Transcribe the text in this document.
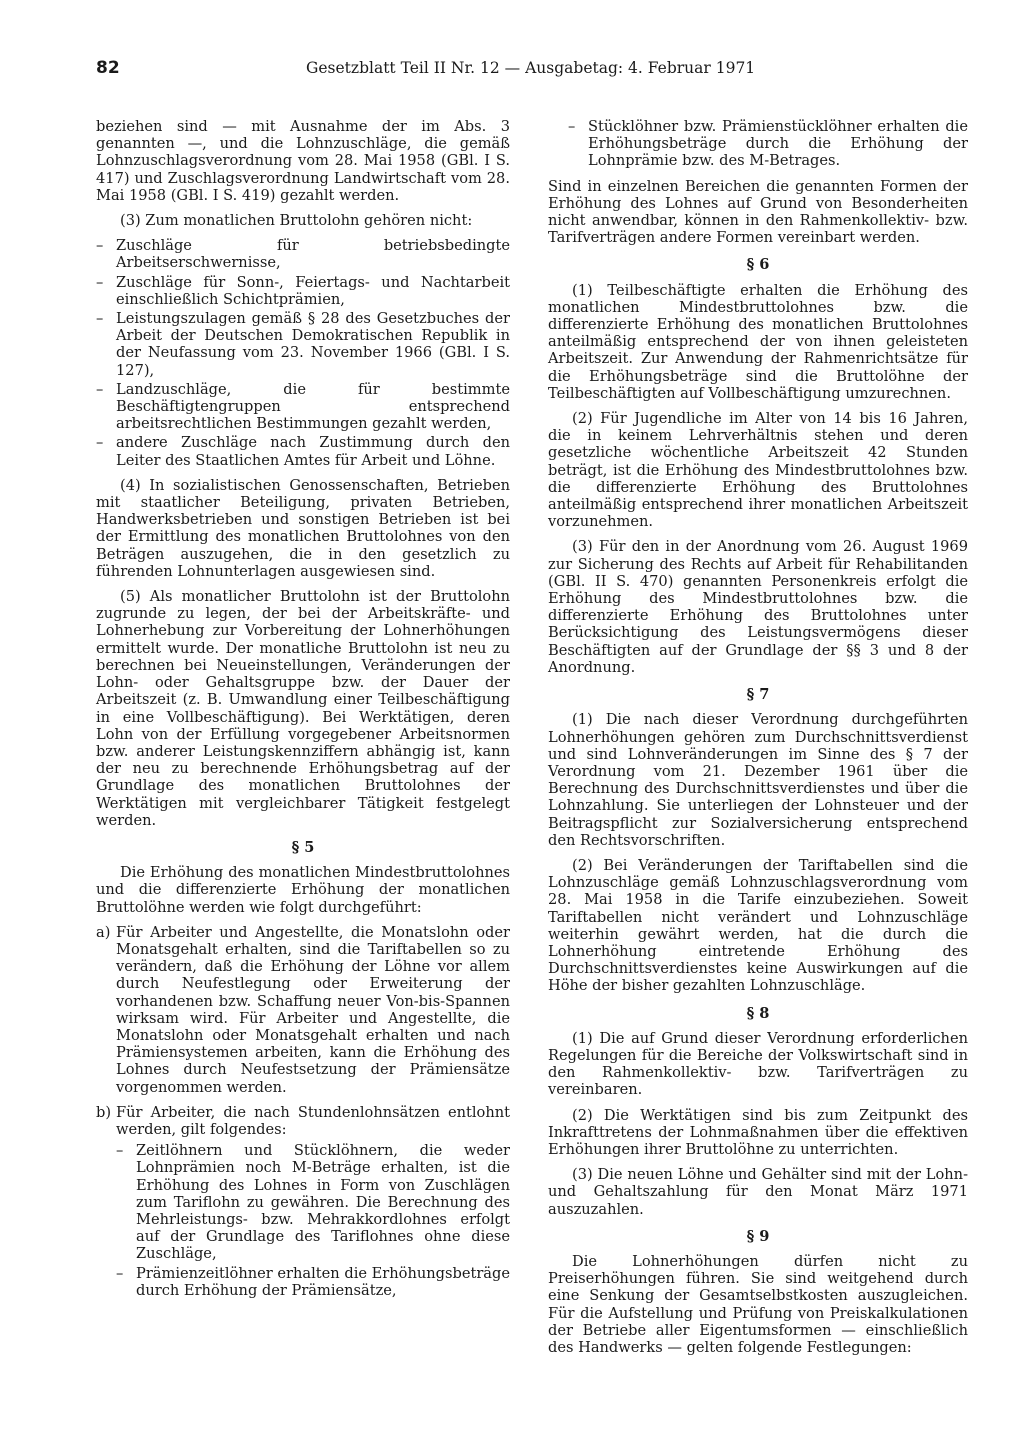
82	Gesetzblatt Teil II Nr. 12 — Ausgabetag: 4. Februar 1971

beziehen sind — mit Ausnahme der im Abs. 3 genannten —, und die Lohnzuschläge, die gemäß Lohnzuschlagsverordnung vom 28. Mai 1958 (GBl. I S. 417) und Zuschlagsverordnung Landwirtschaft vom 28. Mai 1958 (GBl. I S. 419) gezahlt werden.

(3) Zum monatlichen Bruttolohn gehören nicht:

– Zuschläge für betriebsbedingte Arbeitserschwernisse,
– Zuschläge für Sonn-, Feiertags- und Nachtarbeit einschließlich Schichtprämien,
– Leistungszulagen gemäß § 28 des Gesetzbuches der Arbeit der Deutschen Demokratischen Republik in der Neufassung vom 23. November 1966 (GBl. I S. 127),
– Landzuschläge, die für bestimmte Beschäftigtengruppen entsprechend arbeitsrechtlichen Bestimmungen gezahlt werden,
– andere Zuschläge nach Zustimmung durch den Leiter des Staatlichen Amtes für Arbeit und Löhne.

(4) In sozialistischen Genossenschaften, Betrieben mit staatlicher Beteiligung, privaten Betrieben, Handwerksbetrieben und sonstigen Betrieben ist bei der Ermittlung des monatlichen Bruttolohnes von den Beträgen auszugehen, die in den gesetzlich zu führenden Lohnunterlagen ausgewiesen sind.

(5) Als monatlicher Bruttolohn ist der Bruttolohn zugrunde zu legen, der bei der Arbeitskräfte- und Lohnerhebung zur Vorbereitung der Lohnerhöhungen ermittelt wurde. Der monatliche Bruttolohn ist neu zu berechnen bei Neueinstellungen, Veränderungen der Lohn- oder Gehaltsgruppe bzw. der Dauer der Arbeitszeit (z. B. Umwandlung einer Teilbeschäftigung in eine Vollbeschäftigung). Bei Werktätigen, deren Lohn von der Erfüllung vorgegebener Arbeitsnormen bzw. anderer Leistungskennziffern abhängig ist, kann der neu zu berechnende Erhöhungsbetrag auf der Grundlage des monatlichen Bruttolohnes der Werktätigen mit vergleichbarer Tätigkeit festgelegt werden.

§ 5

Die Erhöhung des monatlichen Mindestbruttolohnes und die differenzierte Erhöhung der monatlichen Bruttolöhne werden wie folgt durchgeführt:

a) Für Arbeiter und Angestellte, die Monatslohn oder Monatsgehalt erhalten, sind die Tariftabellen so zu verändern, daß die Erhöhung der Löhne vor allem durch Neufestlegung oder Erweiterung der vorhandenen bzw. Schaffung neuer Von-bis-Spannen wirksam wird. Für Arbeiter und Angestellte, die Monatslohn oder Monatsgehalt erhalten und nach Prämiensystemen arbeiten, kann die Erhöhung des Lohnes durch Neufestsetzung der Prämiensätze vorgenommen werden.
b) Für Arbeiter, die nach Stundenlohnsätzen entlohnt werden, gilt folgendes:
– Zeitlöhnern und Stücklöhnern, die weder Lohnprämien noch M-Beträge erhalten, ist die Erhöhung des Lohnes in Form von Zuschlägen zum Tariflohn zu gewähren. Die Berechnung des Mehrleistungs- bzw. Mehrakkordlohnes erfolgt auf der Grundlage des Tariflohnes ohne diese Zuschläge,
– Prämienzeitlöhner erhalten die Erhöhungsbeträge durch Erhöhung der Prämiensätze,
– Stücklöhner bzw. Prämienstücklöhner erhalten die Erhöhungsbeträge durch die Erhöhung der Lohnprämie bzw. des M-Betrages.

Sind in einzelnen Bereichen die genannten Formen der Erhöhung des Lohnes auf Grund von Besonderheiten nicht anwendbar, können in den Rahmenkollektiv- bzw. Tarifverträgen andere Formen vereinbart werden.

§ 6

(1) Teilbeschäftigte erhalten die Erhöhung des monatlichen Mindestbruttolohnes bzw. die differenzierte Erhöhung des monatlichen Bruttolohnes anteilmäßig entsprechend der von ihnen geleisteten Arbeitszeit. Zur Anwendung der Rahmenrichtsätze für die Erhöhungsbeträge sind die Bruttolöhne der Teilbeschäftigten auf Vollbeschäftigung umzurechnen.

(2) Für Jugendliche im Alter von 14 bis 16 Jahren, die in keinem Lehrverhältnis stehen und deren gesetzliche wöchentliche Arbeitszeit 42 Stunden beträgt, ist die Erhöhung des Mindestbruttolohnes bzw. die differenzierte Erhöhung des Bruttolohnes anteilmäßig entsprechend ihrer monatlichen Arbeitszeit vorzunehmen.

(3) Für den in der Anordnung vom 26. August 1969 zur Sicherung des Rechts auf Arbeit für Rehabilitanden (GBl. II S. 470) genannten Personenkreis erfolgt die Erhöhung des Mindestbruttolohnes bzw. die differenzierte Erhöhung des Bruttolohnes unter Berücksichtigung des Leistungsvermögens dieser Beschäftigten auf der Grundlage der §§ 3 und 8 der Anordnung.

§ 7

(1) Die nach dieser Verordnung durchgeführten Lohnerhöhungen gehören zum Durchschnittsverdienst und sind Lohnveränderungen im Sinne des § 7 der Verordnung vom 21. Dezember 1961 über die Berechnung des Durchschnittsverdienstes und über die Lohnzahlung. Sie unterliegen der Lohnsteuer und der Beitragspflicht zur Sozialversicherung entsprechend den Rechtsvorschriften.

(2) Bei Veränderungen der Tariftabellen sind die Lohnzuschläge gemäß Lohnzuschlagsverordnung vom 28. Mai 1958 in die Tarife einzubeziehen. Soweit Tariftabellen nicht verändert und Lohnzuschläge weiterhin gewährt werden, hat die durch die Lohnerhöhung eintretende Erhöhung des Durchschnittsverdienstes keine Auswirkungen auf die Höhe der bisher gezahlten Lohnzuschläge.

§ 8

(1) Die auf Grund dieser Verordnung erforderlichen Regelungen für die Bereiche der Volkswirtschaft sind in den Rahmenkollektiv- bzw. Tarifverträgen zu vereinbaren.

(2) Die Werktätigen sind bis zum Zeitpunkt des Inkrafttretens der Lohnmaßnahmen über die effektiven Erhöhungen ihrer Bruttolöhne zu unterrichten.

(3) Die neuen Löhne und Gehälter sind mit der Lohn- und Gehaltszahlung für den Monat März 1971 auszuzahlen.

§ 9

Die Lohnerhöhungen dürfen nicht zu Preiserhöhungen führen. Sie sind weitgehend durch eine Senkung der Gesamtselbstkosten auszugleichen. Für die Aufstellung und Prüfung von Preiskalkulationen der Betriebe aller Eigentumsformen — einschließlich des Handwerks — gelten folgende Festlegungen:
